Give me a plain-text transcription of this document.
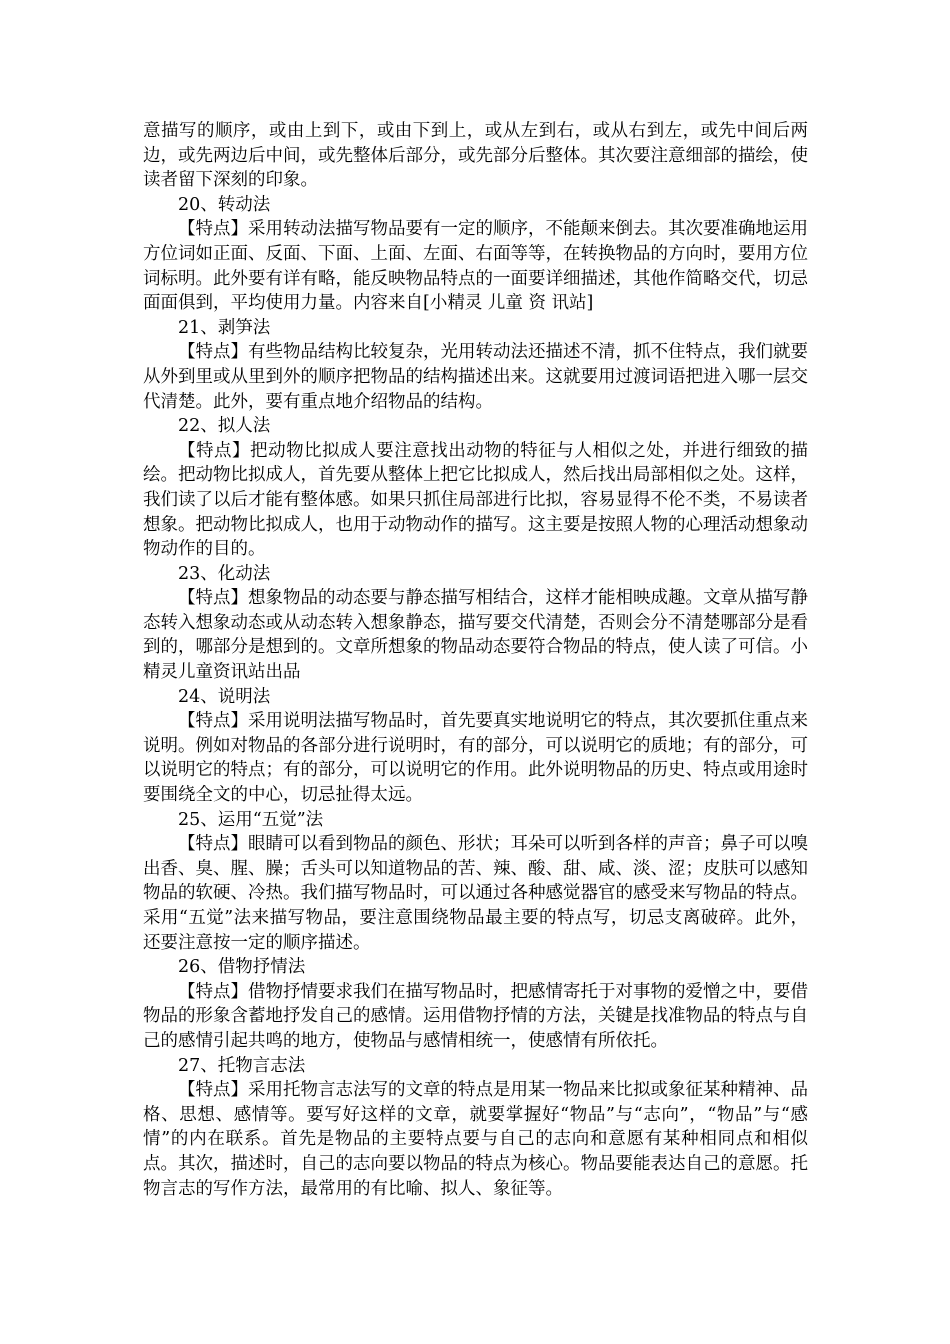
意描写的顺序，或由上到下，或由下到上，或从左到右，或从右到左，或先中间后两边，或先两边后中间，或先整体后部分，或先部分后整体。其次要注意细部的描绘，使读者留下深刻的印象。

20、转动法

【特点】采用转动法描写物品要有一定的顺序，不能颠来倒去。其次要准确地运用方位词如正面、反面、下面、上面、左面、右面等等，在转换物品的方向时，要用方位词标明。此外要有详有略，能反映物品特点的一面要详细描述，其他作简略交代，切忌面面俱到，平均使用力量。内容来自[小精灵 儿童 资 讯站]

21、剥笋法

【特点】有些物品结构比较复杂，光用转动法还描述不清，抓不住特点，我们就要从外到里或从里到外的顺序把物品的结构描述出来。这就要用过渡词语把进入哪一层交代清楚。此外，要有重点地介绍物品的结构。

22、拟人法

【特点】把动物比拟成人要注意找出动物的特征与人相似之处，并进行细致的描绘。把动物比拟成人，首先要从整体上把它比拟成人，然后找出局部相似之处。这样，我们读了以后才能有整体感。如果只抓住局部进行比拟，容易显得不伦不类，不易读者想象。把动物比拟成人，也用于动物动作的描写。这主要是按照人物的心理活动想象动物动作的目的。

23、化动法

【特点】想象物品的动态要与静态描写相结合，这样才能相映成趣。文章从描写静态转入想象动态或从动态转入想象静态，描写要交代清楚，否则会分不清楚哪部分是看到的，哪部分是想到的。文章所想象的物品动态要符合物品的特点，使人读了可信。小精灵儿童资讯站出品

24、说明法

【特点】采用说明法描写物品时，首先要真实地说明它的特点，其次要抓住重点来说明。例如对物品的各部分进行说明时，有的部分，可以说明它的质地；有的部分，可以说明它的特点；有的部分，可以说明它的作用。此外说明物品的历史、特点或用途时要围绕全文的中心，切忌扯得太远。

25、运用“五觉”法

【特点】眼睛可以看到物品的颜色、形状；耳朵可以听到各样的声音；鼻子可以嗅出香、臭、腥、臊；舌头可以知道物品的苦、辣、酸、甜、咸、淡、涩；皮肤可以感知物品的软硬、冷热。我们描写物品时，可以通过各种感觉器官的感受来写物品的特点。采用“五觉”法来描写物品，要注意围绕物品最主要的特点写，切忌支离破碎。此外，还要注意按一定的顺序描述。

26、借物抒情法

【特点】借物抒情要求我们在描写物品时，把感情寄托于对事物的爱憎之中，要借物品的形象含蓄地抒发自己的感情。运用借物抒情的方法，关键是找准物品的特点与自己的感情引起共鸣的地方，使物品与感情相统一，使感情有所依托。

27、托物言志法

【特点】采用托物言志法写的文章的特点是用某一物品来比拟或象征某种精神、品格、思想、感情等。要写好这样的文章，就要掌握好“物品”与“志向”，“物品”与“感情”的内在联系。首先是物品的主要特点要与自己的志向和意愿有某种相同点和相似点。其次，描述时，自己的志向要以物品的特点为核心。物品要能表达自己的意愿。托物言志的写作方法，最常用的有比喻、拟人、象征等。
